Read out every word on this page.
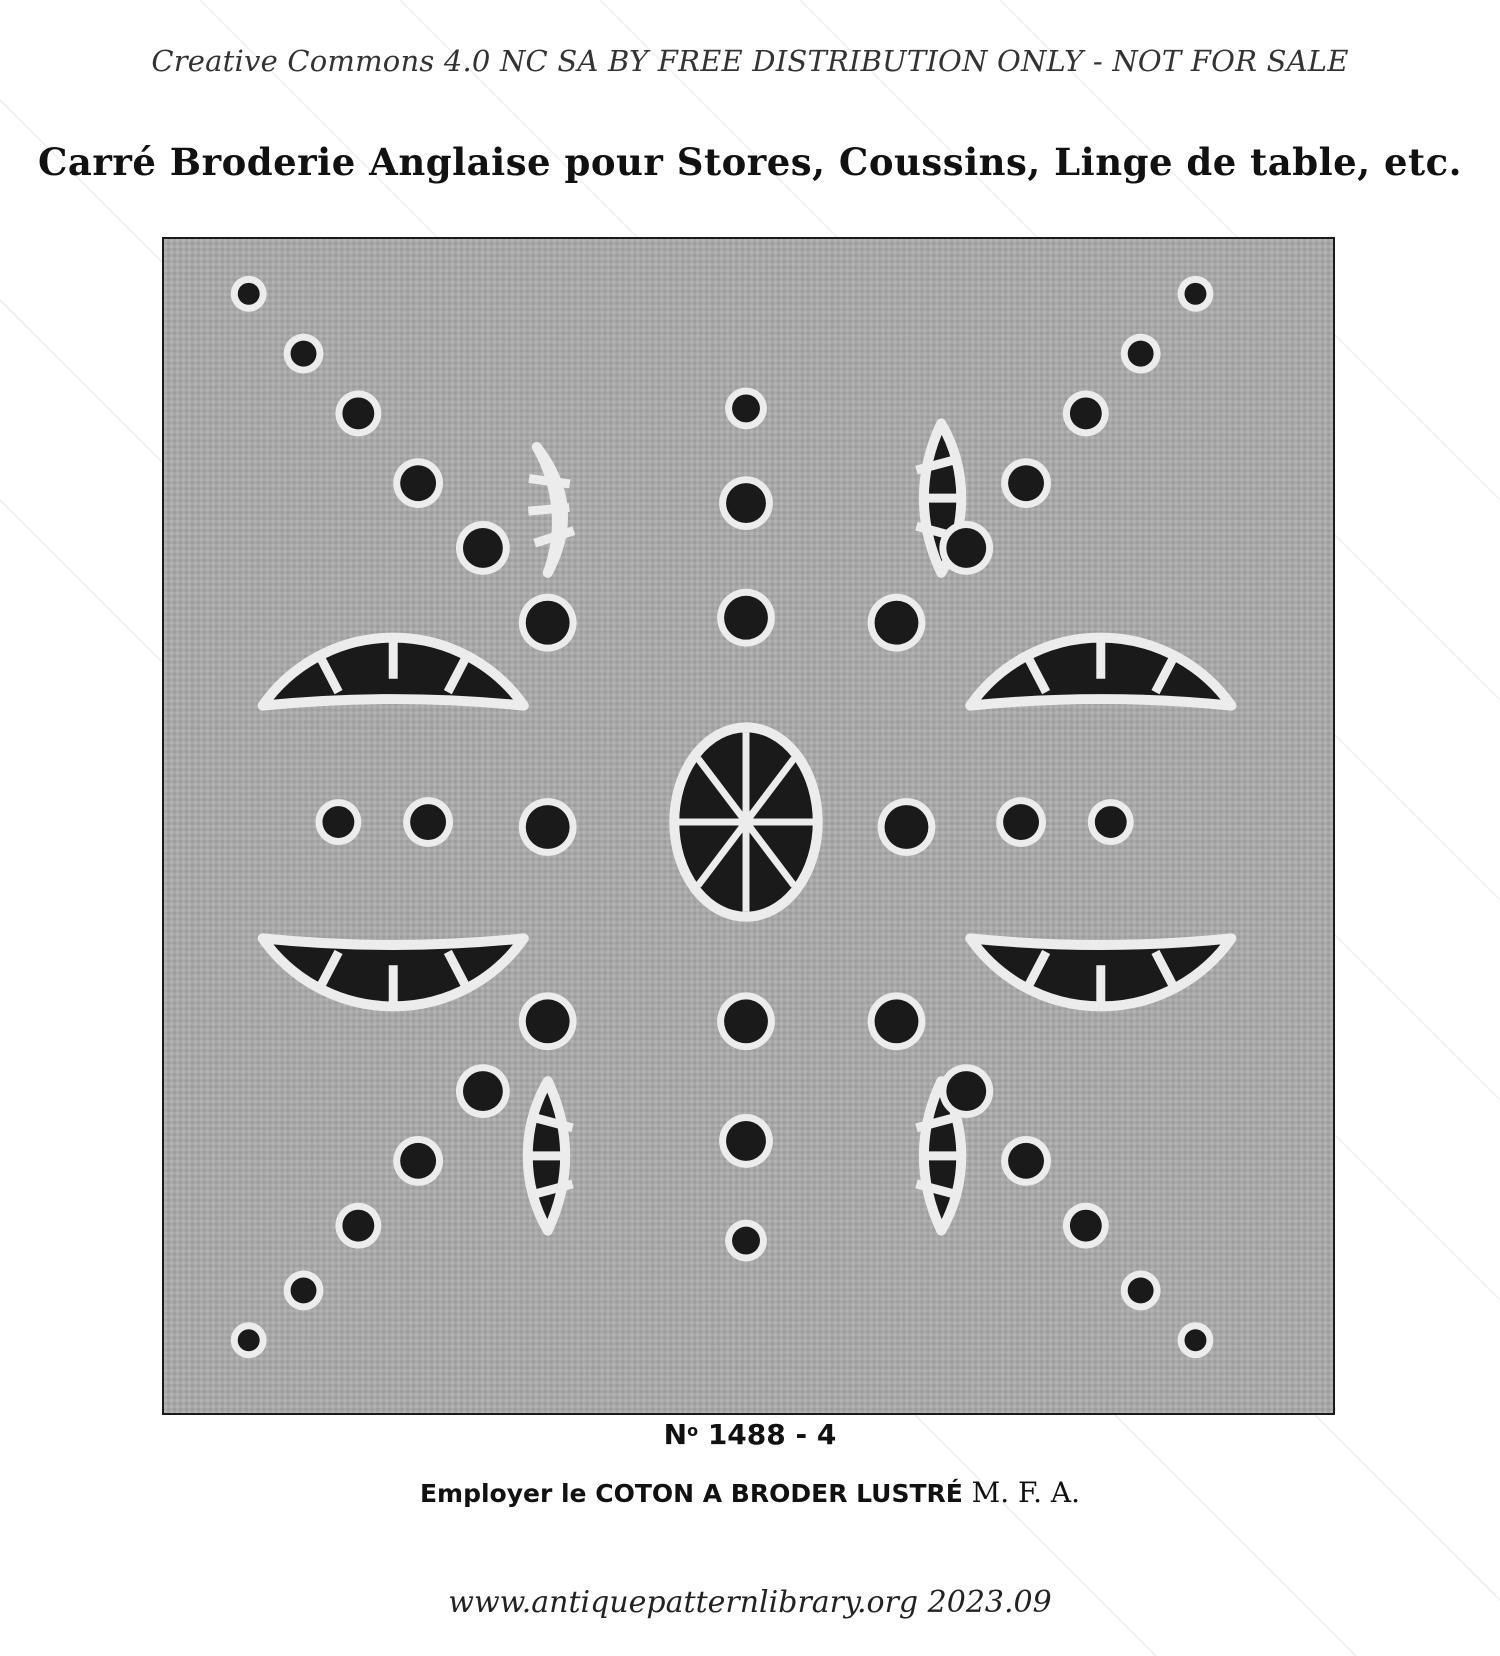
Creative Commons 4.0 NC SA BY FREE DISTRIBUTION ONLY - NOT FOR SALE
Carré Broderie Anglaise pour Stores, Coussins, Linge de table, etc.
$N^o$ 1488 - 4
Employer le COTON A BRODER LUSTRÉ M. F. A.
www.antiquepatternlibrary.org 2023.09
